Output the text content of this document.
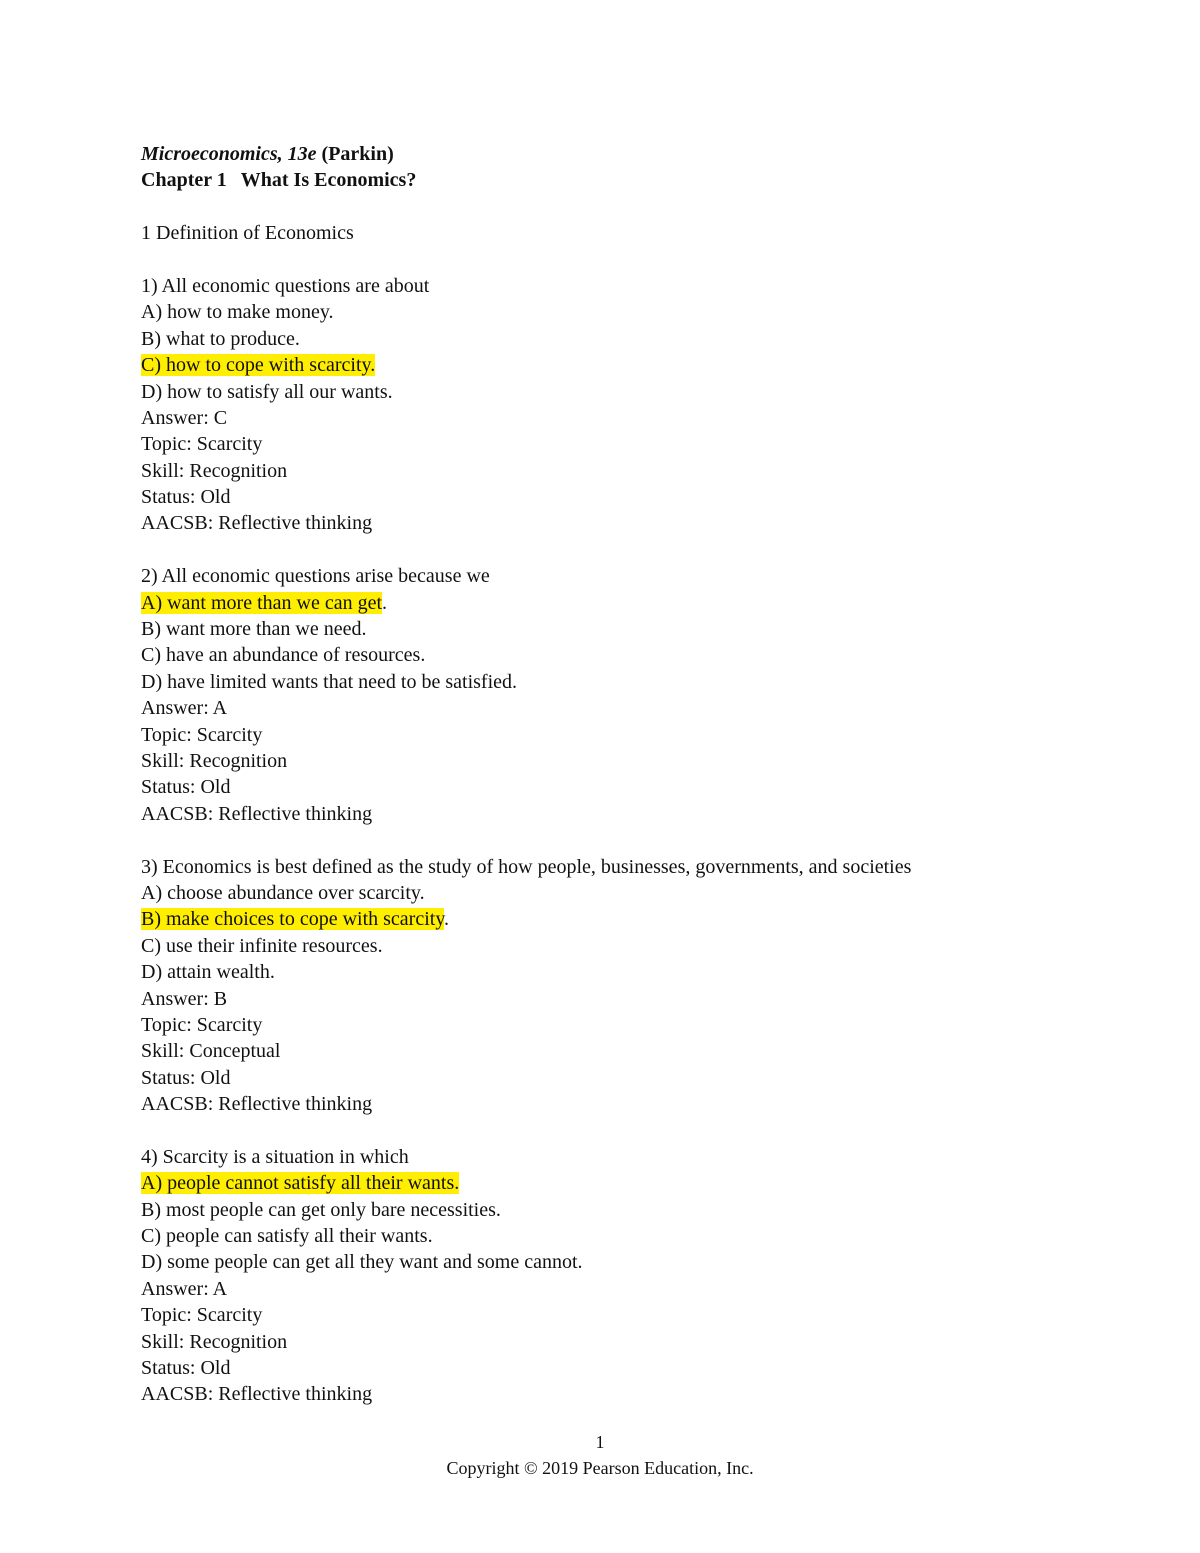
Microeconomics, 13e (Parkin)
Chapter 1 What Is Economics?
1 Definition of Economics
1) All economic questions are about
A) how to make money.
B) what to produce.
C) how to cope with scarcity.
D) how to satisfy all our wants.
Answer: C
Topic: Scarcity
Skill: Recognition
Status: Old
AACSB: Reflective thinking
2) All economic questions arise because we
A) want more than we can get.
B) want more than we need.
C) have an abundance of resources.
D) have limited wants that need to be satisfied.
Answer: A
Topic: Scarcity
Skill: Recognition
Status: Old
AACSB: Reflective thinking
3) Economics is best defined as the study of how people, businesses, governments, and societies
A) choose abundance over scarcity.
B) make choices to cope with scarcity.
C) use their infinite resources.
D) attain wealth.
Answer: B
Topic: Scarcity
Skill: Conceptual
Status: Old
AACSB: Reflective thinking
4) Scarcity is a situation in which
A) people cannot satisfy all their wants.
B) most people can get only bare necessities.
C) people can satisfy all their wants.
D) some people can get all they want and some cannot.
Answer: A
Topic: Scarcity
Skill: Recognition
Status: Old
AACSB: Reflective thinking
1
Copyright © 2019 Pearson Education, Inc.
